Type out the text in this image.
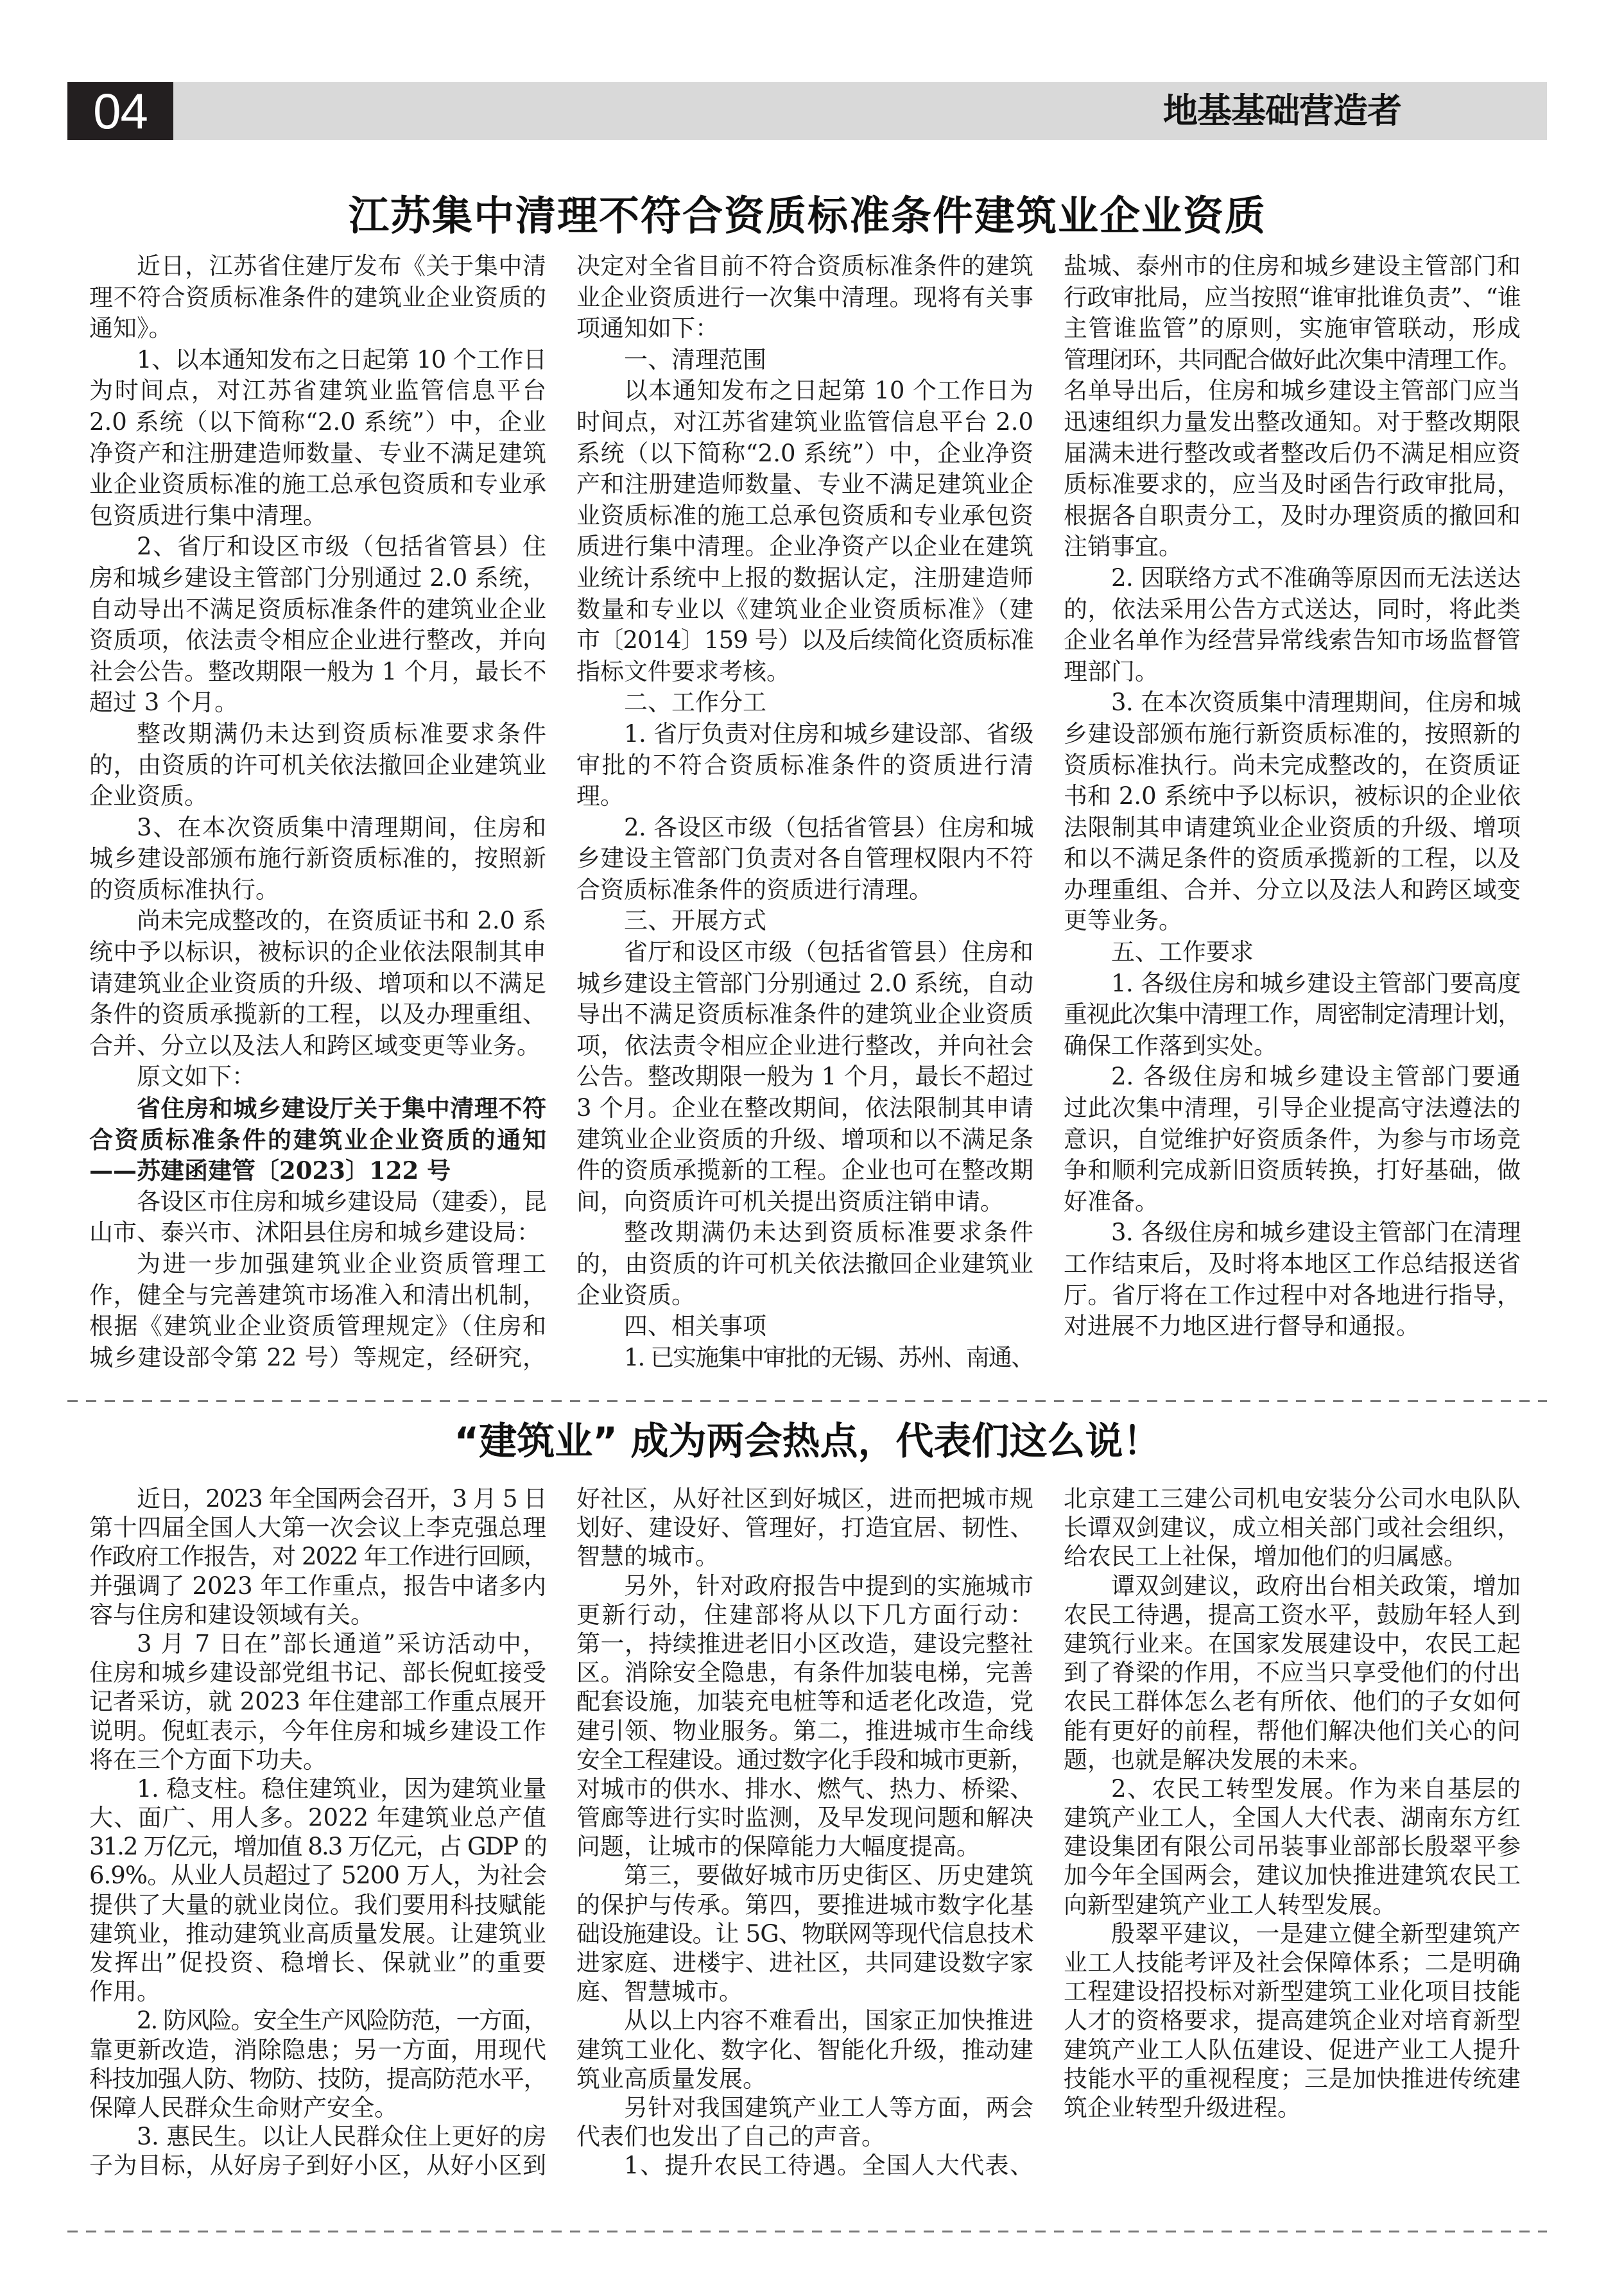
04	地基基础营造者
江苏集中清理不符合资质标准条件建筑业企业资质
近日，江苏省住建厅发布《关于集中清
理不符合资质标准条件的建筑业企业资质的
通知》。
1、以本通知发布之日起第 10 个工作日
为时间点，对江苏省建筑业监管信息平台
2.0 系统（以下简称“2.0 系统”）中，企业
净资产和注册建造师数量、专业不满足建筑
业企业资质标准的施工总承包资质和专业承
包资质进行集中清理。
2、省厅和设区市级（包括省管县）住
房和城乡建设主管部门分别通过 2.0 系统，
自动导出不满足资质标准条件的建筑业企业
资质项，依法责令相应企业进行整改，并向
社会公告。整改期限一般为 1 个月，最长不
超过 3 个月。
整改期满仍未达到资质标准要求条件
的，由资质的许可机关依法撤回企业建筑业
企业资质。
3、在本次资质集中清理期间，住房和
城乡建设部颁布施行新资质标准的，按照新
的资质标准执行。
尚未完成整改的，在资质证书和 2.0 系
统中予以标识，被标识的企业依法限制其申
请建筑业企业资质的升级、增项和以不满足
条件的资质承揽新的工程，以及办理重组、
合并、分立以及法人和跨区域变更等业务。
原文如下：
省住房和城乡建设厅关于集中清理不符
合资质标准条件的建筑业企业资质的通知
——苏建函建管〔2023〕122 号
各设区市住房和城乡建设局（建委），昆
山市、泰兴市、沭阳县住房和城乡建设局：
为进一步加强建筑业企业资质管理工
作，健全与完善建筑市场准入和清出机制，
根据《建筑业企业资质管理规定》（住房和
城乡建设部令第 22 号）等规定，经研究，
决定对全省目前不符合资质标准条件的建筑
业企业资质进行一次集中清理。现将有关事
项通知如下：
一、清理范围
以本通知发布之日起第 10 个工作日为
时间点，对江苏省建筑业监管信息平台 2.0
系统（以下简称“2.0 系统”）中，企业净资
产和注册建造师数量、专业不满足建筑业企
业资质标准的施工总承包资质和专业承包资
质进行集中清理。企业净资产以企业在建筑
业统计系统中上报的数据认定，注册建造师
数量和专业以《建筑业企业资质标准》（建
市〔2014〕159 号）以及后续简化资质标准
指标文件要求考核。
二、工作分工
1. 省厅负责对住房和城乡建设部、省级
审批的不符合资质标准条件的资质进行清
理。
2. 各设区市级（包括省管县）住房和城
乡建设主管部门负责对各自管理权限内不符
合资质标准条件的资质进行清理。
三、开展方式
省厅和设区市级（包括省管县）住房和
城乡建设主管部门分别通过 2.0 系统，自动
导出不满足资质标准条件的建筑业企业资质
项，依法责令相应企业进行整改，并向社会
公告。整改期限一般为 1 个月，最长不超过
3 个月。企业在整改期间，依法限制其申请
建筑业企业资质的升级、增项和以不满足条
件的资质承揽新的工程。企业也可在整改期
间，向资质许可机关提出资质注销申请。
整改期满仍未达到资质标准要求条件
的，由资质的许可机关依法撤回企业建筑业
企业资质。
四、相关事项
1. 已实施集中审批的无锡、苏州、南通、
盐城、泰州市的住房和城乡建设主管部门和
行政审批局，应当按照“谁审批谁负责”、“谁
主管谁监管”的原则，实施审管联动，形成
管理闭环，共同配合做好此次集中清理工作。
名单导出后，住房和城乡建设主管部门应当
迅速组织力量发出整改通知。对于整改期限
届满未进行整改或者整改后仍不满足相应资
质标准要求的，应当及时函告行政审批局，
根据各自职责分工，及时办理资质的撤回和
注销事宜。
2. 因联络方式不准确等原因而无法送达
的，依法采用公告方式送达，同时，将此类
企业名单作为经营异常线索告知市场监督管
理部门。
3. 在本次资质集中清理期间，住房和城
乡建设部颁布施行新资质标准的，按照新的
资质标准执行。尚未完成整改的，在资质证
书和 2.0 系统中予以标识，被标识的企业依
法限制其申请建筑业企业资质的升级、增项
和以不满足条件的资质承揽新的工程，以及
办理重组、合并、分立以及法人和跨区域变
更等业务。
五、工作要求
1. 各级住房和城乡建设主管部门要高度
重视此次集中清理工作，周密制定清理计划，
确保工作落到实处。
2. 各级住房和城乡建设主管部门要通
过此次集中清理，引导企业提高守法遵法的
意识，自觉维护好资质条件，为参与市场竞
争和顺利完成新旧资质转换，打好基础，做
好准备。
3. 各级住房和城乡建设主管部门在清理
工作结束后，及时将本地区工作总结报送省
厅。省厅将在工作过程中对各地进行指导，
对进展不力地区进行督导和通报。
“建筑业” 成为两会热点，代表们这么说！
近日，2023 年全国两会召开，3 月 5 日
第十四届全国人大第一次会议上李克强总理
作政府工作报告，对 2022 年工作进行回顾，
并强调了 2023 年工作重点，报告中诸多内
容与住房和建设领域有关。
3 月 7 日在”部长通道”采访活动中，
住房和城乡建设部党组书记、部长倪虹接受
记者采访，就 2023 年住建部工作重点展开
说明。倪虹表示，今年住房和城乡建设工作
将在三个方面下功夫。
1. 稳支柱。稳住建筑业，因为建筑业量
大、面广、用人多。2022 年建筑业总产值
31.2 万亿元，增加值 8.3 万亿元，占 GDP 的
6.9%。从业人员超过了 5200 万人，为社会
提供了大量的就业岗位。我们要用科技赋能
建筑业，推动建筑业高质量发展。让建筑业
发挥出”促投资、稳增长、保就业”的重要
作用。
2. 防风险。安全生产风险防范，一方面，
靠更新改造，消除隐患；另一方面，用现代
科技加强人防、物防、技防，提高防范水平，
保障人民群众生命财产安全。
3. 惠民生。以让人民群众住上更好的房
子为目标，从好房子到好小区，从好小区到
好社区，从好社区到好城区，进而把城市规
划好、建设好、管理好，打造宜居、韧性、
智慧的城市。
另外，针对政府报告中提到的实施城市
更新行动，住建部将从以下几方面行动：
第一，持续推进老旧小区改造，建设完整社
区。消除安全隐患，有条件加装电梯，完善
配套设施，加装充电桩等和适老化改造，党
建引领、物业服务。第二，推进城市生命线
安全工程建设。通过数字化手段和城市更新，
对城市的供水、排水、燃气、热力、桥梁、
管廊等进行实时监测，及早发现问题和解决
问题，让城市的保障能力大幅度提高。
第三，要做好城市历史街区、历史建筑
的保护与传承。第四，要推进城市数字化基
础设施建设。让 5G、物联网等现代信息技术
进家庭、进楼宇、进社区，共同建设数字家
庭、智慧城市。
从以上内容不难看出，国家正加快推进
建筑工业化、数字化、智能化升级，推动建
筑业高质量发展。
另针对我国建筑产业工人等方面，两会
代表们也发出了自己的声音。
1、提升农民工待遇。全国人大代表、
北京建工三建公司机电安装分公司水电队队
长谭双剑建议，成立相关部门或社会组织，
给农民工上社保，增加他们的归属感。
谭双剑建议，政府出台相关政策，增加
农民工待遇，提高工资水平，鼓励年轻人到
建筑行业来。在国家发展建设中，农民工起
到了脊梁的作用，不应当只享受他们的付出
农民工群体怎么老有所依、他们的子女如何
能有更好的前程，帮他们解决他们关心的问
题，也就是解决发展的未来。
2、农民工转型发展。作为来自基层的
建筑产业工人，全国人大代表、湖南东方红
建设集团有限公司吊装事业部部长殷翠平参
加今年全国两会，建议加快推进建筑农民工
向新型建筑产业工人转型发展。
殷翠平建议，一是建立健全新型建筑产
业工人技能考评及社会保障体系；二是明确
工程建设招投标对新型建筑工业化项目技能
人才的资格要求，提高建筑企业对培育新型
建筑产业工人队伍建设、促进产业工人提升
技能水平的重视程度；三是加快推进传统建
筑企业转型升级进程。
